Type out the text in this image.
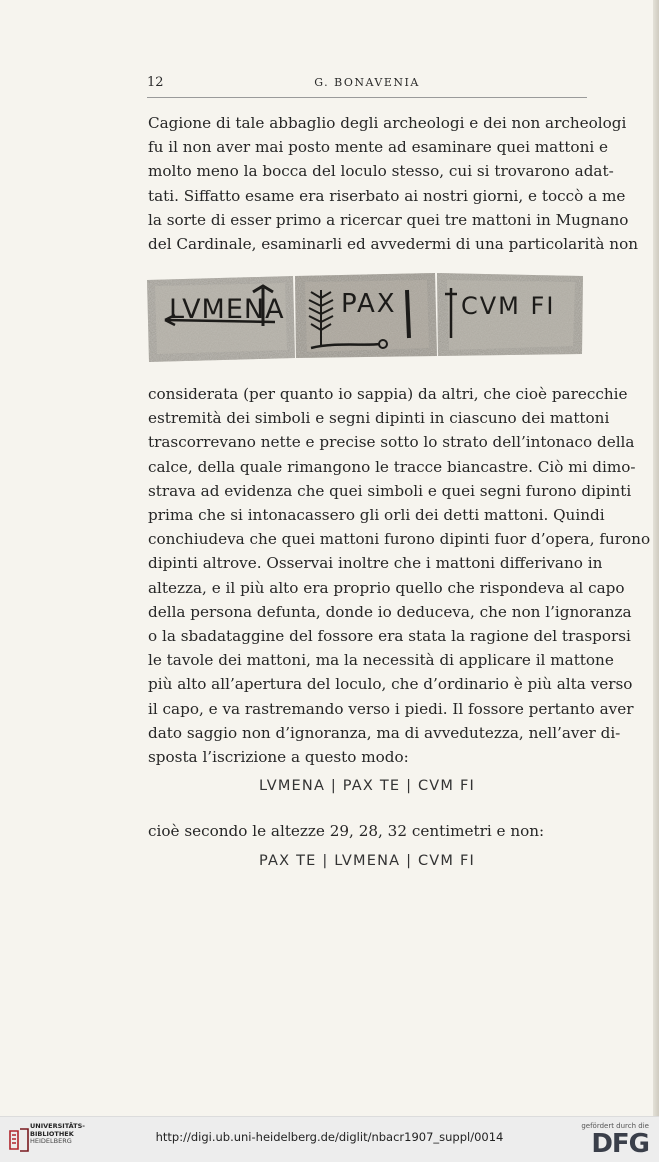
12	G. BONAVENIA
Cagione di tale abbaglio degli archeologi e dei non archeologi
fu il non aver mai posto mente ad esaminare quei mattoni e
molto meno la bocca del loculo stesso, cui si trovarono adat-
tati. Siffatto esame era riserbato ai nostri giorni, e toccò a me
la sorte di esser primo a ricercar quei tre mattoni in Mugnano
del Cardinale, esaminarli ed avvedermi di una particolarità non
LVMENA PAX	CVM FI
considerata (per quanto io sappia) da altri, che cioè parecchie
estremità dei simboli e segni dipinti in ciascuno dei mattoni
trascorrevano nette e precise sotto lo strato dell’intonaco della
calce, della quale rimangono le tracce biancastre. Ciò mi dimo-
strava ad evidenza che quei simboli e quei segni furono dipinti
prima che si intonacassero gli orli dei detti mattoni. Quindi
conchiudeva che quei mattoni furono dipinti fuor d’opera, furono
dipinti altrove. Osservai inoltre che i mattoni differivano in
altezza, e il più alto era proprio quello che rispondeva al capo
della persona defunta, donde io deduceva, che non l’ignoranza
o la sbadataggine del fossore era stata la ragione del trasporsi
le tavole dei mattoni, ma la necessità di applicare il mattone
più alto all’apertura del loculo, che d’ordinario è più alta verso
il capo, e va rastremando verso i piedi. Il fossore pertanto aver
dato saggio non d’ignoranza, ma di avvedutezza, nell’aver di-
sposta l’iscrizione a questo modo:
LVMENA | PAX TE | CVM FI
cioè secondo le altezze 29, 28, 32 centimetri e non:
PAX TE | LVMENA | CVM FI
UNIVERSITÄTS-
BIBLIOTHEK
HEIDELBERG	http://digi.ub.uni-heidelberg.de/diglit/nbacr1907_suppl/0014
gefördert durch die
DFG
